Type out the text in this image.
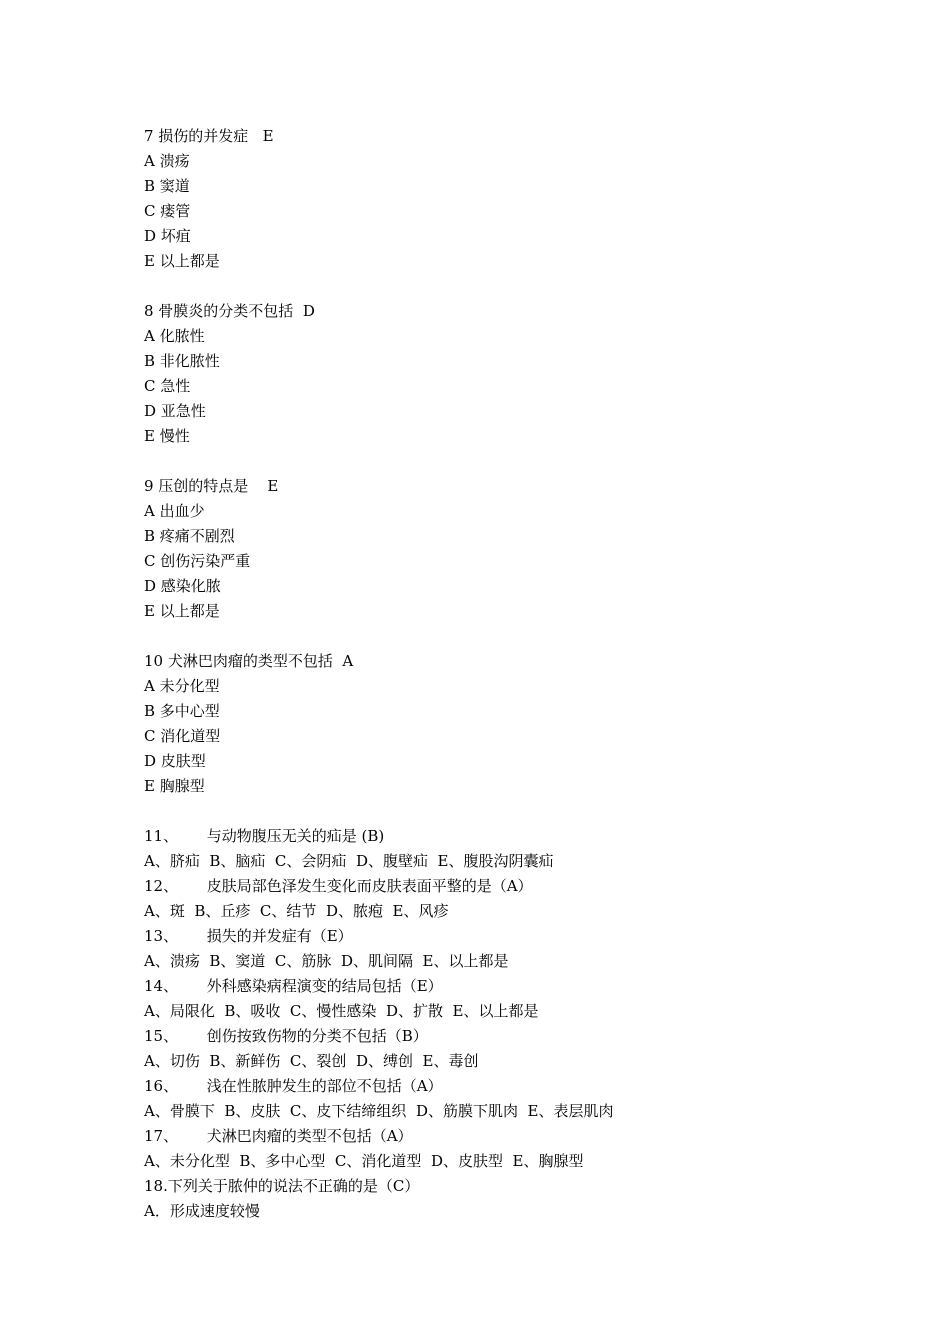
7 损伤的并发症   E
A 溃疡
B 窦道
C 瘘管
D 坏疽
E 以上都是
8 骨膜炎的分类不包括  D
A 化脓性
B 非化脓性
C 急性
D 亚急性
E 慢性
9 压创的特点是    E
A 出血少
B 疼痛不剧烈
C 创伤污染严重
D 感染化脓
E 以上都是
10 犬淋巴肉瘤的类型不包括  A
A 未分化型
B 多中心型
C 消化道型
D 皮肤型
E 胸腺型
11、      与动物腹压无关的疝是 (B)
A、脐疝  B、脑疝  C、会阴疝  D、腹壁疝  E、腹股沟阴囊疝
12、      皮肤局部色泽发生变化而皮肤表面平整的是（A）
A、斑  B、丘疹  C、结节  D、脓疱  E、风疹
13、      损失的并发症有（E）
A、溃疡  B、窦道  C、筋脉  D、肌间隔  E、以上都是
14、      外科感染病程演变的结局包括（E）
A、局限化  B、吸收  C、慢性感染  D、扩散  E、以上都是
15、      创伤按致伤物的分类不包括（B）
A、切伤  B、新鲜伤  C、裂创  D、缚创  E、毒创
16、      浅在性脓肿发生的部位不包括（A）
A、骨膜下  B、皮肤  C、皮下结缔组织  D、筋膜下肌肉  E、表层肌肉
17、      犬淋巴肉瘤的类型不包括（A）
A、未分化型  B、多中心型  C、消化道型  D、皮肤型  E、胸腺型
18.下列关于脓仲的说法不正确的是（C）
A．形成速度较慢
